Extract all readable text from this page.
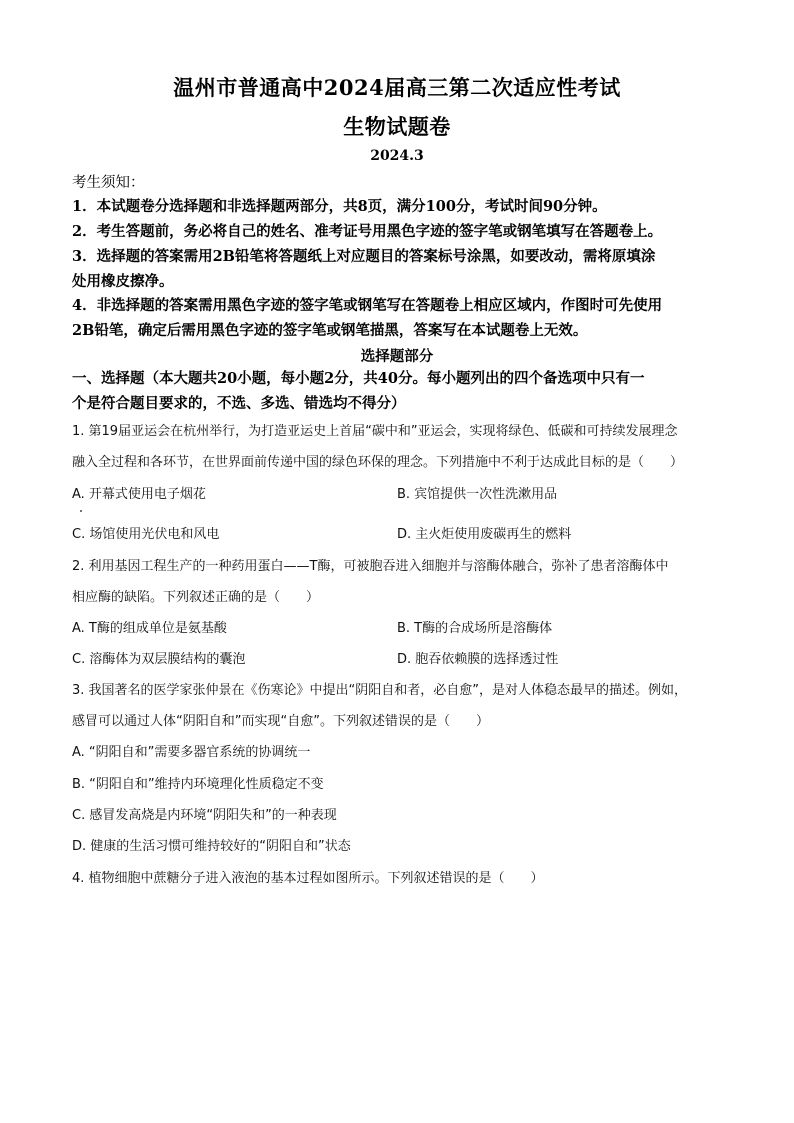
温州市普通高中2024届高三第二次适应性考试
生物试题卷
2024.3
考生须知：
1．本试题卷分选择题和非选择题两部分，共8页，满分100分，考试时间90分钟。
2．考生答题前，务必将自己的姓名、准考证号用黑色字迹的签字笔或钢笔填写在答题卷上。
3．选择题的答案需用2B铅笔将答题纸上对应题目的答案标号涂黑，如要改动，需将原填涂
处用橡皮擦净。
4．非选择题的答案需用黑色字迹的签字笔或钢笔写在答题卷上相应区域内，作图时可先使用
2B铅笔，确定后需用黑色字迹的签字笔或钢笔描黑，答案写在本试题卷上无效。
选择题部分
一、选择题（本大题共20小题，每小题2分，共40分。每小题列出的四个备选项中只有一
个是符合题目要求的，不选、多选、错选均不得分）
1. 第19届亚运会在杭州举行，为打造亚运史上首届“碳中和”亚运会，实现将绿色、低碳和可持续发展理念
融入全过程和各环节，在世界面前传递中国的绿色环保的理念。下列措施中不利于达成此目标的是（　　）
A. 开幕式使用电子烟花	B. 宾馆提供一次性洗漱用品
C. 场馆使用光伏电和风电	D. 主火炬使用废碳再生的燃料
2. 利用基因工程生产的一种药用蛋白——T酶，可被胞吞进入细胞并与溶酶体融合，弥补了患者溶酶体中
相应酶的缺陷。下列叙述正确的是（　　）
A. T酶的组成单位是氨基酸	B. T酶的合成场所是溶酶体
C. 溶酶体为双层膜结构的囊泡	D. 胞吞依赖膜的选择透过性
3. 我国著名的医学家张仲景在《伤寒论》中提出“阴阳自和者，必自愈”，是对人体稳态最早的描述。例如，
感冒可以通过人体“阴阳自和”而实现“自愈”。下列叙述错误的是（　　）
A. “阴阳自和”需要多器官系统的协调统一
B. “阴阳自和”维持内环境理化性质稳定不变
C. 感冒发高烧是内环境“阴阳失和”的一种表现
D. 健康的生活习惯可维持较好的“阴阳自和”状态
4. 植物细胞中蔗糖分子进入液泡的基本过程如图所示。下列叙述错误的是（　　）
